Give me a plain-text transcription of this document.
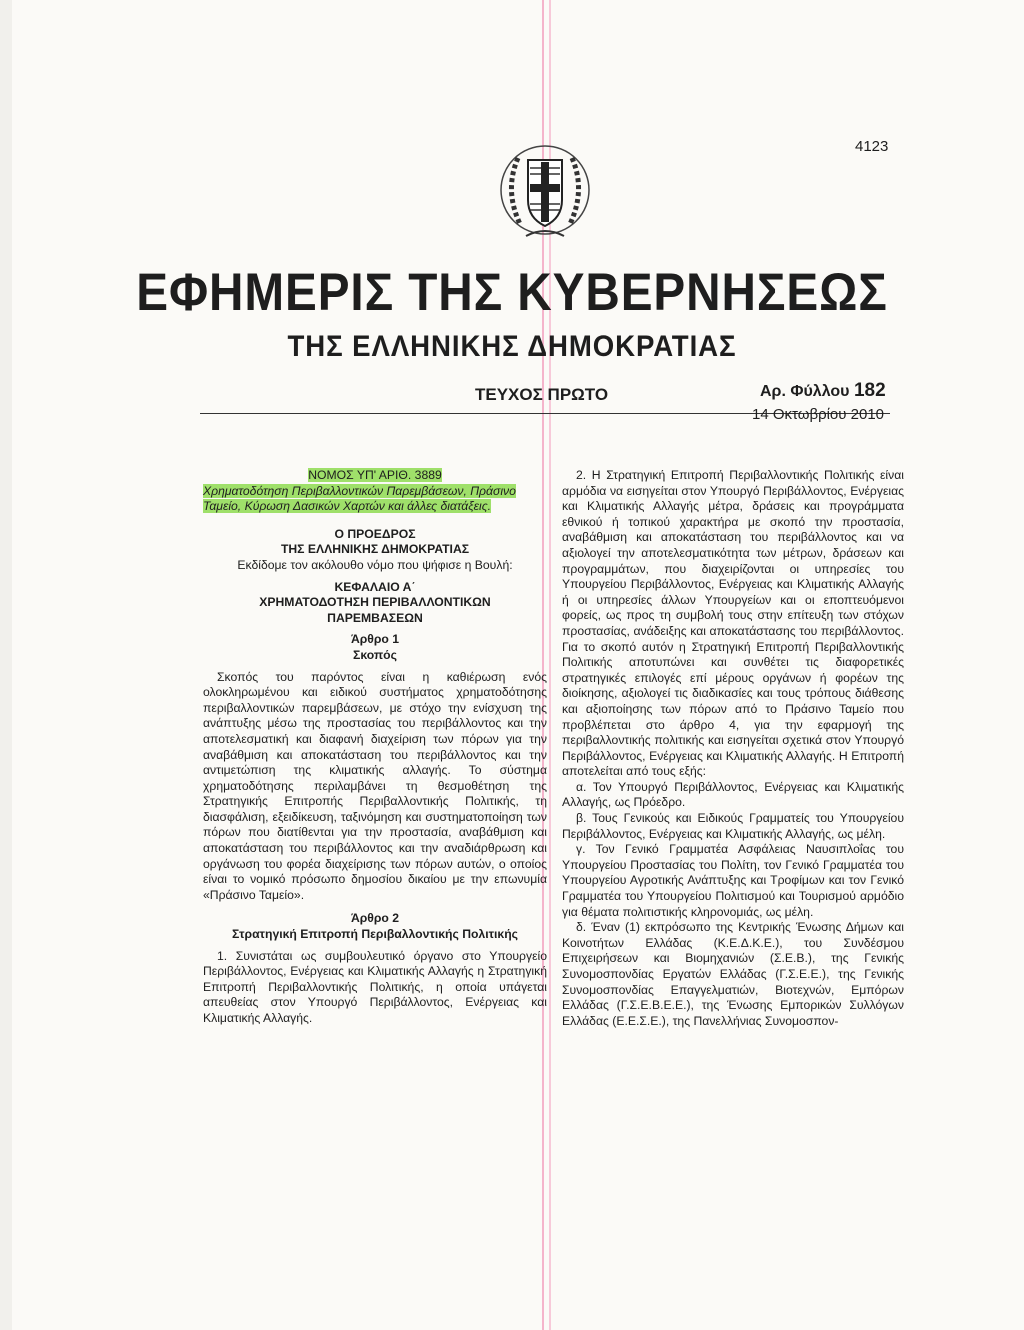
4123
ΕΦΗΜΕΡΙΣ ΤΗΣ ΚΥΒΕΡΝΗΣΕΩΣ
ΤΗΣ ΕΛΛΗΝΙΚΗΣ ΔΗΜΟΚΡΑΤΙΑΣ
ΤΕΥΧΟΣ ΠΡΩΤΟ	Αρ. Φύλλου 182
14 Οκτωβρίου 2010

ΝΟΜΟΣ ΥΠ' ΑΡΙΘ. 3889

Χρηματοδότηση Περιβαλλοντικών Παρεμβάσεων, Πράσινο Ταμείο, Κύρωση Δασικών Χαρτών και άλλες διατάξεις.

Ο ΠΡΟΕΔΡΟΣ

ΤΗΣ ΕΛΛΗΝΙΚΗΣ ΔΗΜΟΚΡΑΤΙΑΣ

Εκδίδομε τον ακόλουθο νόμο που ψήφισε η Βουλή:

ΚΕΦΑΛΑΙΟ Α΄

ΧΡΗΜΑΤΟΔΟΤΗΣΗ ΠΕΡΙΒΑΛΛΟΝΤΙΚΩΝ ΠΑΡΕΜΒΑΣΕΩΝ

Άρθρο 1

Σκοπός

Σκοπός του παρόντος είναι η καθιέρωση ενός ολοκληρωμένου και ειδικού συστήματος χρηματοδότησης περιβαλλοντικών παρεμβάσεων, με στόχο την ενίσχυση της ανάπτυξης μέσω της προστασίας του περιβάλλοντος και την αποτελεσματική και διαφανή διαχείριση των πόρων για την αναβάθμιση και αποκατάσταση του περιβάλλοντος και την αντιμετώπιση της κλιματικής αλλαγής. Το σύστημα χρηματοδότησης περιλαμβάνει τη θεσμοθέτηση της Στρατηγικής Επιτροπής Περιβαλλοντικής Πολιτικής, τη διασφάλιση, εξειδίκευση, ταξινόμηση και συστηματοποίηση των πόρων που διατίθενται για την προστασία, αναβάθμιση και αποκατάσταση του περιβάλλοντος και την αναδιάρθρωση και οργάνωση του φορέα διαχείρισης των πόρων αυτών, ο οποίος είναι το νομικό πρόσωπο δημοσίου δικαίου με την επωνυμία «Πράσινο Ταμείο».

Άρθρο 2

Στρατηγική Επιτροπή Περιβαλλοντικής Πολιτικής

1. Συνιστάται ως συμβουλευτικό όργανο στο Υπουργείο Περιβάλλοντος, Ενέργειας και Κλιματικής Αλλαγής η Στρατηγική Επιτροπή Περιβαλλοντικής Πολιτικής, η οποία υπάγεται απευθείας στον Υπουργό Περιβάλλοντος, Ενέργειας και Κλιματικής Αλλαγής.

2. Η Στρατηγική Επιτροπή Περιβαλλοντικής Πολιτικής είναι αρμόδια να εισηγείται στον Υπουργό Περιβάλλοντος, Ενέργειας και Κλιματικής Αλλαγής μέτρα, δράσεις και προγράμματα εθνικού ή τοπικού χαρακτήρα με σκοπό την προστασία, αναβάθμιση και αποκατάσταση του περιβάλλοντος και να αξιολογεί την αποτελεσματικότητα των μέτρων, δράσεων και προγραμμάτων, που διαχειρίζονται οι υπηρεσίες του Υπουργείου Περιβάλλοντος, Ενέργειας και Κλιματικής Αλλαγής ή οι υπηρεσίες άλλων Υπουργείων και οι εποπτευόμενοι φορείς, ως προς τη συμβολή τους στην επίτευξη των στόχων προστασίας, ανάδειξης και αποκατάστασης του περιβάλλοντος. Για το σκοπό αυτόν η Στρατηγική Επιτροπή Περιβαλλοντικής Πολιτικής αποτυπώνει και συνθέτει τις διαφορετικές στρατηγικές επιλογές επί μέρους οργάνων ή φορέων της διοίκησης, αξιολογεί τις διαδικασίες και τους τρόπους διάθεσης και αξιοποίησης των πόρων από το Πράσινο Ταμείο που προβλέπεται στο άρθρο 4, για την εφαρμογή της περιβαλλοντικής πολιτικής και εισηγείται σχετικά στον Υπουργό Περιβάλλοντος, Ενέργειας και Κλιματικής Αλλαγής. Η Επιτροπή αποτελείται από τους εξής:

α. Τον Υπουργό Περιβάλλοντος, Ενέργειας και Κλιματικής Αλλαγής, ως Πρόεδρο.

β. Τους Γενικούς και Ειδικούς Γραμματείς του Υπουργείου Περιβάλλοντος, Ενέργειας και Κλιματικής Αλλαγής, ως μέλη.

γ. Τον Γενικό Γραμματέα Ασφάλειας Ναυσιπλοΐας του Υπουργείου Προστασίας του Πολίτη, τον Γενικό Γραμματέα του Υπουργείου Αγροτικής Ανάπτυξης και Τροφίμων και τον Γενικό Γραμματέα του Υπουργείου Πολιτισμού και Τουρισμού αρμόδιο για θέματα πολιτιστικής κληρονομιάς, ως μέλη.

δ. Έναν (1) εκπρόσωπο της Κεντρικής Ένωσης Δήμων και Κοινοτήτων Ελλάδας (Κ.Ε.Δ.Κ.Ε.), του Συνδέσμου Επιχειρήσεων και Βιομηχανιών (Σ.Ε.Β.), της Γενικής Συνομοσπονδίας Εργατών Ελλάδας (Γ.Σ.Ε.Ε.), της Γενικής Συνομοσπονδίας Επαγγελματιών, Βιοτεχνών, Εμπόρων Ελλάδας (Γ.Σ.Ε.Β.Ε.Ε.), της Ένωσης Εμπορικών Συλλόγων Ελλάδας (Ε.Ε.Σ.Ε.), της Πανελλήνιας Συνομοσπον-
